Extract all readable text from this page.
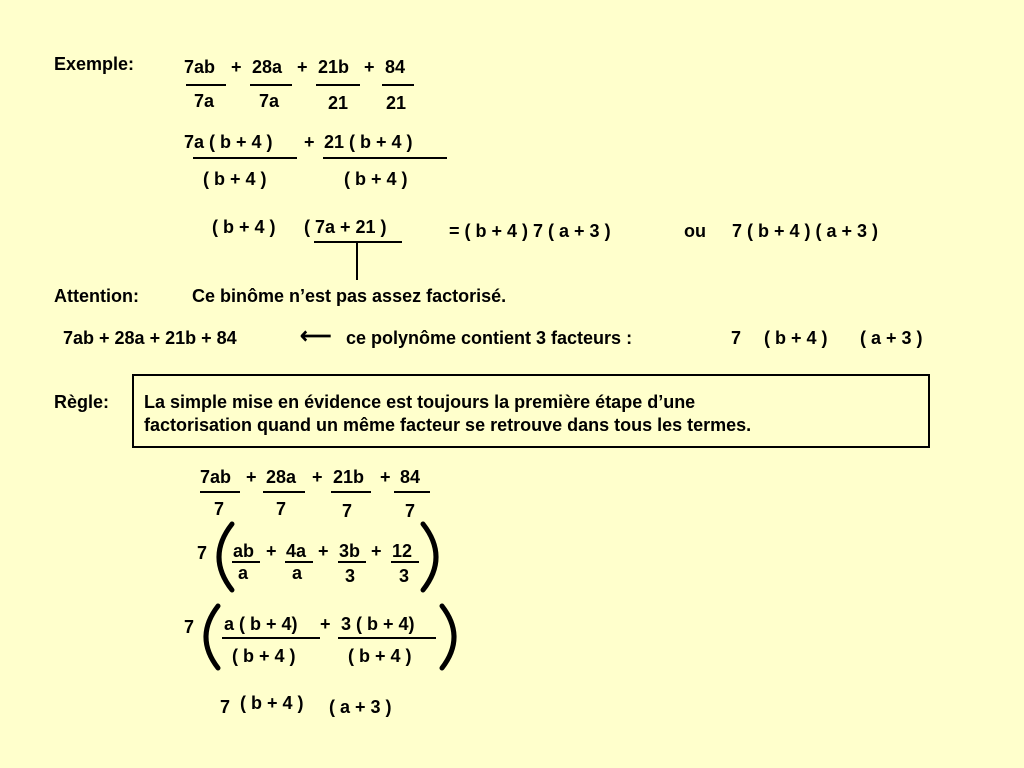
Exemple:
Attention:
Règle:
7ab + 28a + 21b + 84
7a 7a	21 21
7a ( b + 4 ) + 21 ( b + 4 )
( b + 4 )	( b + 4 )
( b + 4 ) ( 7a + 21 )	= ( b + 4 ) 7 ( a + 3 )	ou 7 ( b + 4 ) ( a + 3 )
Ce binôme n’est pas assez factorisé.
7ab + 28a + 21b + 84	⟵ ce polynôme contient 3 facteurs :	7 ( b + 4 ) ( a + 3 )
La simple mise en évidence est toujours la première étape d’une
factorisation quand un même facteur se retrouve dans tous les termes.
7ab + 28a + 21b + 84
7	7	7	7
7 ab + 4a + 3b + 12
a a 3 3
7 a ( b + 4) + 3 ( b + 4)
( b + 4 )	( b + 4 )
7 ( b + 4 ) ( a + 3 )
